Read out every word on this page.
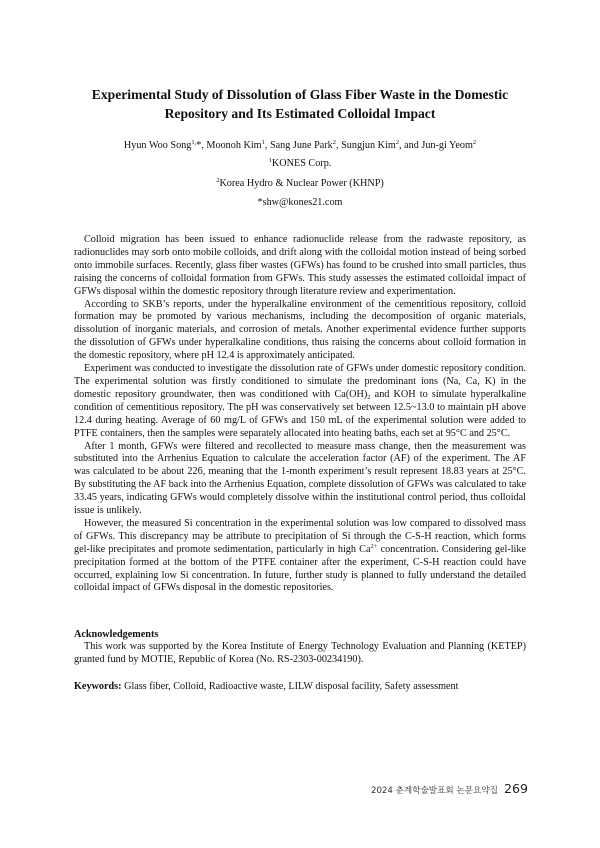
Experimental Study of Dissolution of Glass Fiber Waste in the Domestic
Repository and Its Estimated Colloidal Impact
Hyun Woo Song$^{1,}$*, Moonoh Kim$^1$, Sang June Park$^2$, Sungjun Kim$^2$, and Jun-gi Yeom$^2$
$^1$KONES Corp.
$^2$Korea Hydro & Nuclear Power (KHNP)
*shw@kones21.com

Colloid migration has been issued to enhance radionuclide release from the radwaste repository, as radionuclides may sorb onto mobile colloids, and drift along with the colloidal motion instead of being sorbed onto immobile surfaces. Recently, glass fiber wastes (GFWs) has found to be crushed into small particles, thus raising the concerns of colloidal formation from GFWs. This study assesses the estimated colloidal impact of GFWs disposal within the domestic repository through literature review and experimentation.

According to SKB’s reports, under the hyperalkaline environment of the cementitious repository, colloid formation may be promoted by various mechanisms, including the decomposition of organic materials, dissolution of inorganic materials, and corrosion of metals. Another experimental evidence further supports the dissolution of GFWs under hyperalkaline conditions, thus raising the concerns about colloid formation in the domestic repository, where pH 12.4 is approximately anticipated.

Experiment was conducted to investigate the dissolution rate of GFWs under domestic repository condition. The experimental solution was firstly conditioned to simulate the predominant ions (Na, Ca, K) in the domestic repository groundwater, then was conditioned with $Ca(OH)_2$ and KOH to simulate hyperalkaline condition of cementitious repository. The pH was conservatively set between 12.5~13.0 to maintain pH above 12.4 during heating. Average of 60 mg/L of GFWs and 150 mL of the experimental solution were added to PTFE containers, then the samples were separately allocated into heating baths, each set at 95°C and 25°C.

After 1 month, GFWs were filtered and recollected to measure mass change, then the measurement was substituted into the Arrhenius Equation to calculate the acceleration factor (AF) of the experiment. The AF was calculated to be about 226, meaning that the 1-month experiment’s result represent 18.83 years at 25°C. By substituting the AF back into the Arrhenius Equation, complete dissolution of GFWs was calculated to take 33.45 years, indicating GFWs would completely dissolve within the institutional control period, thus colloidal issue is unlikely.

However, the measured Si concentration in the experimental solution was low compared to dissolved mass of GFWs. This discrepancy may be attribute to precipitation of Si through the C-S-H reaction, which forms gel-like precipitates and promote sedimentation, particularly in high $Ca^{2+}$ concentration. Considering gel-like precipitation formed at the bottom of the PTFE container after the experiment, C-S-H reaction could have occurred, explaining low Si concentration. In future, further study is planned to fully understand the detailed colloidal impact of GFWs disposal in the domestic repositories.

Acknowledgements
This work was supported by the Korea Institute of Energy Technology Evaluation and Planning (KETEP) granted fund by MOTIE, Republic of Korea (No. RS-2303-00234190).
Keywords: Glass fiber, Colloid, Radioactive waste, LILW disposal facility, Safety assessment
2024 춘계학술발표회 논문요약집 269
